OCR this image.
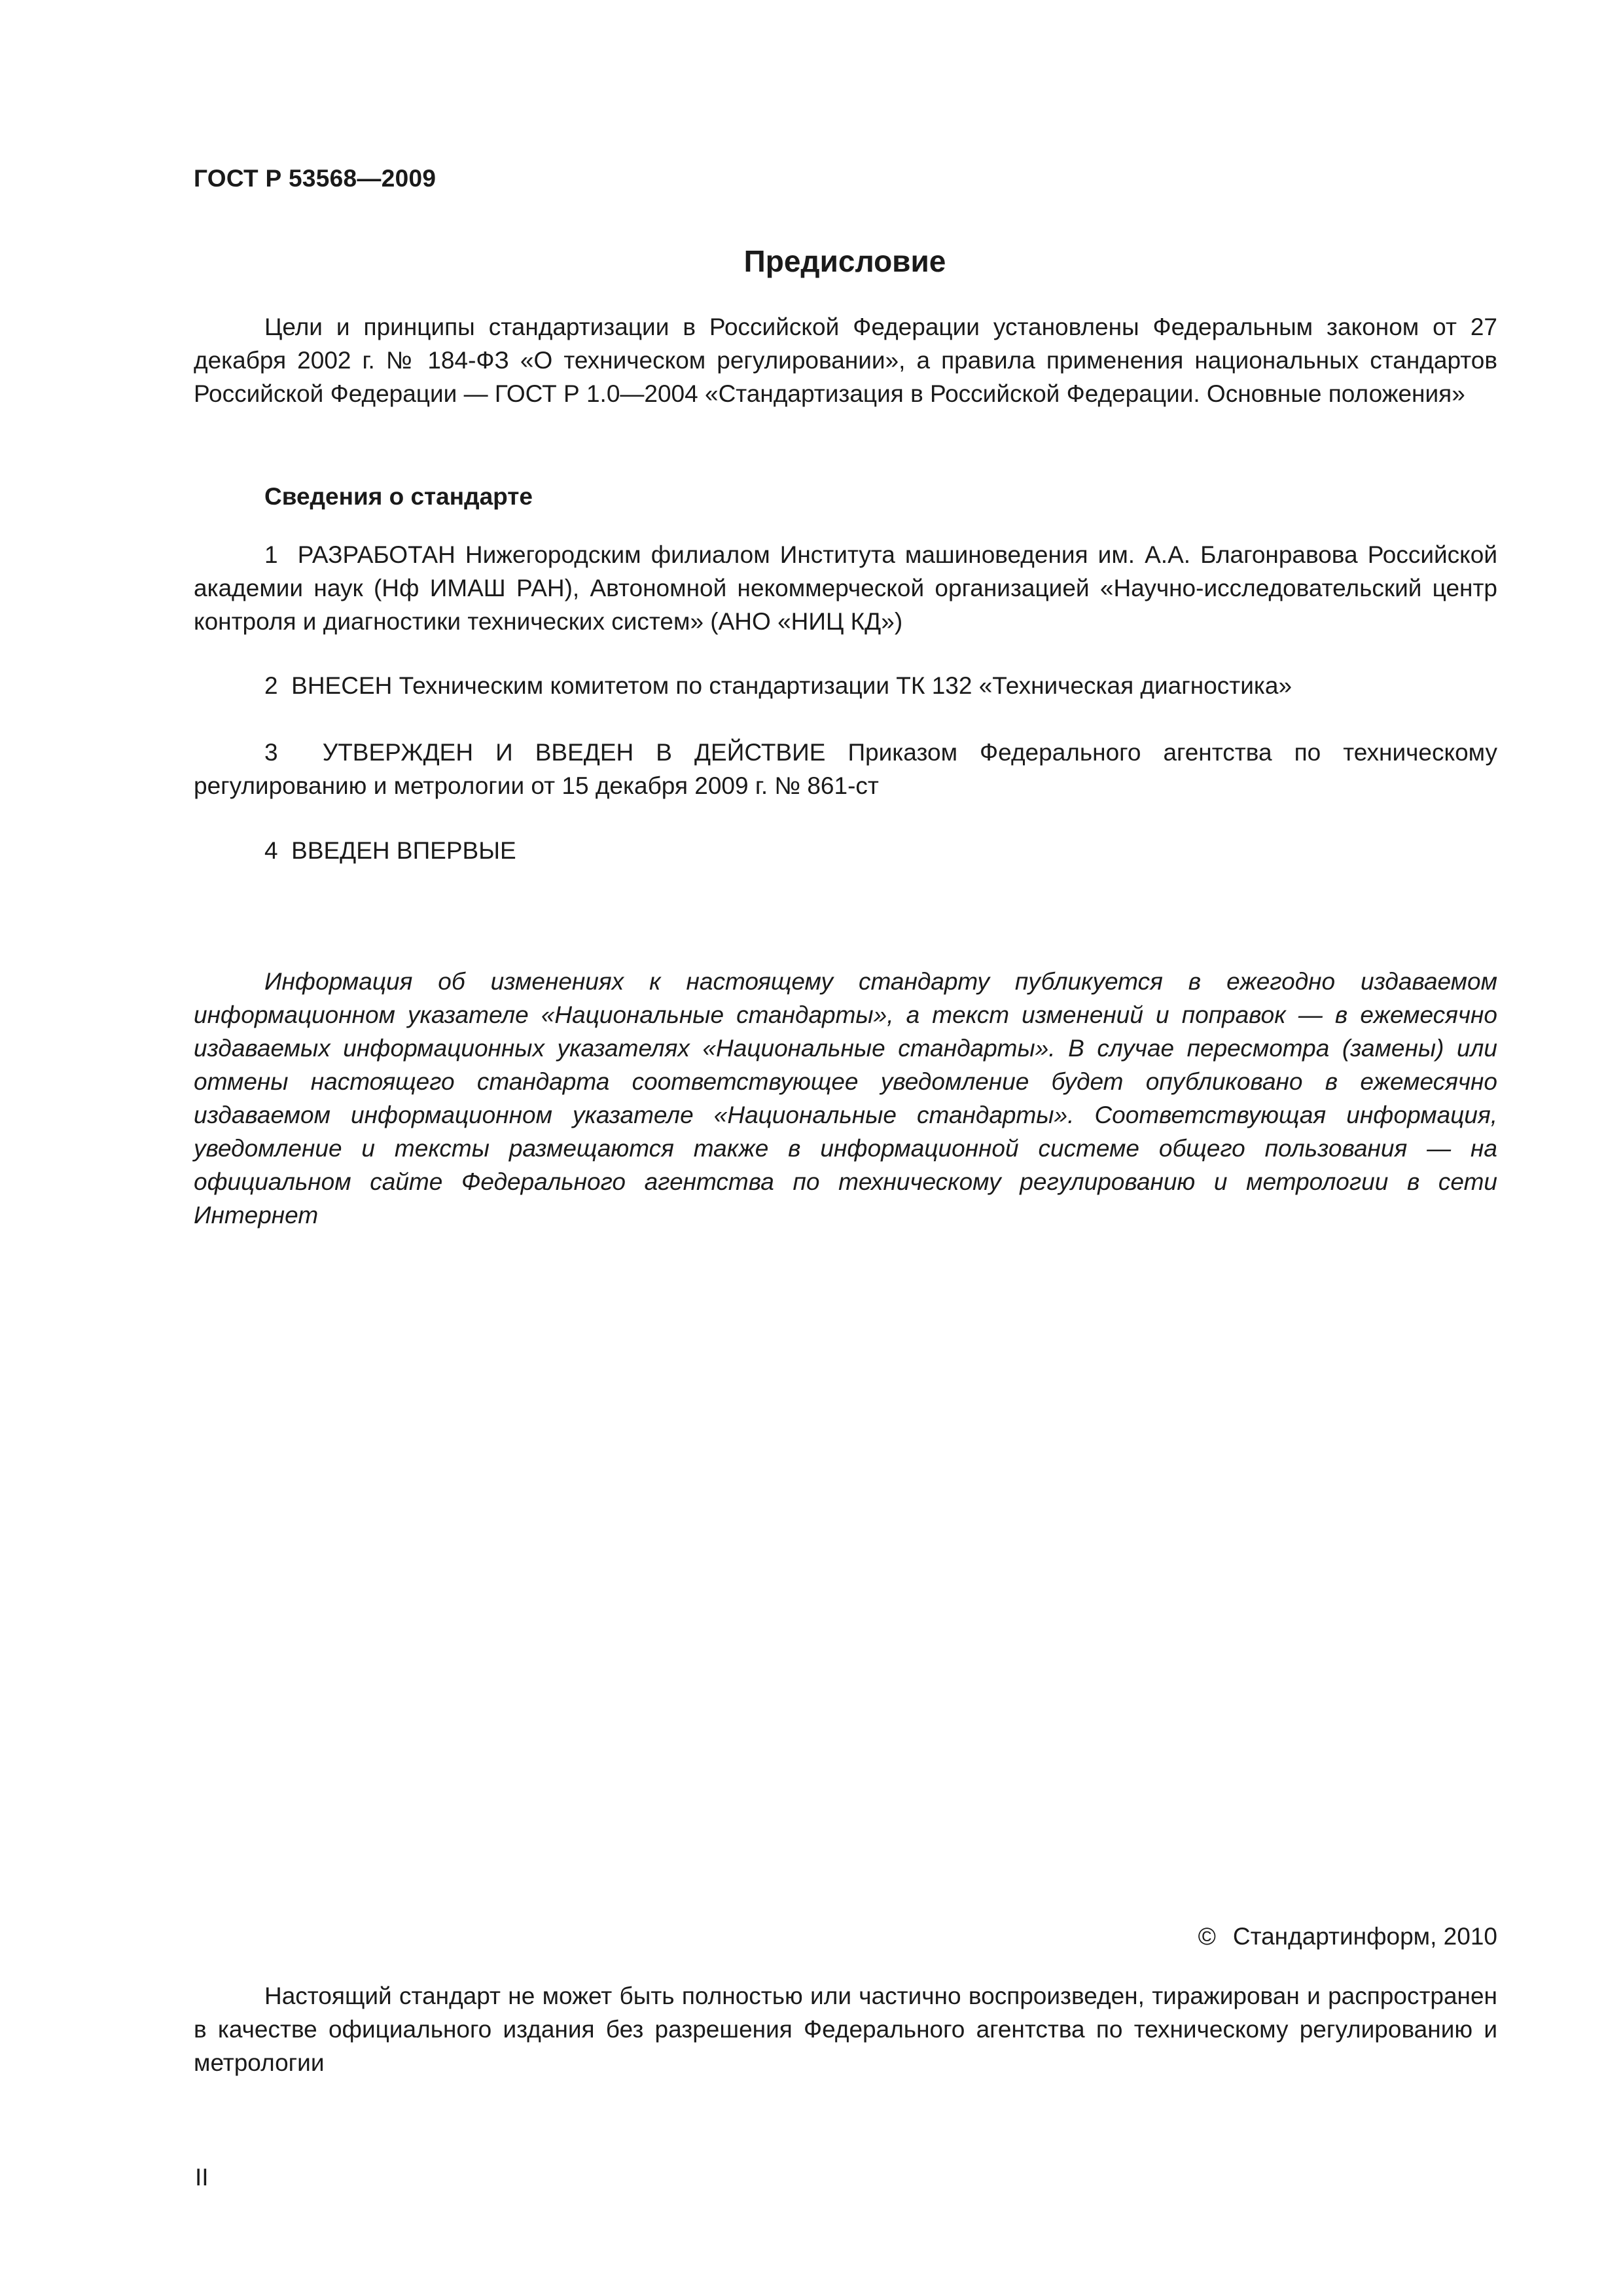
ГОСТ Р 53568—2009
Предисловие
Цели и принципы стандартизации в Российской Федерации установлены Федеральным законом от 27 декабря 2002 г. № 184-ФЗ «О техническом регулировании», а правила применения национальных стандартов Российской Федерации — ГОСТ Р 1.0—2004 «Стандартизация в Российской Федерации. Основные положения»
Сведения о стандарте
1 РАЗРАБОТАН Нижегородским филиалом Института машиноведения им. А.А. Благонравова Российской академии наук (Нф ИМАШ РАН), Автономной некоммерческой организацией «Научно-исследовательский центр контроля и диагностики технических систем» (АНО «НИЦ КД»)
2 ВНЕСЕН Техническим комитетом по стандартизации ТК 132 «Техническая диагностика»
3 УТВЕРЖДЕН И ВВЕДЕН В ДЕЙСТВИЕ Приказом Федерального агентства по техническому регулированию и метрологии от 15 декабря 2009 г. № 861-ст
4 ВВЕДЕН ВПЕРВЫЕ
Информация об изменениях к настоящему стандарту публикуется в ежегодно издаваемом информационном указателе «Национальные стандарты», а текст изменений и поправок — в ежемесячно издаваемых информационных указателях «Национальные стандарты». В случае пересмотра (замены) или отмены настоящего стандарта соответствующее уведомление будет опубликовано в ежемесячно издаваемом информационном указателе «Национальные стандарты». Соответствующая информация, уведомление и тексты размещаются также в информационной системе общего пользования — на официальном сайте Федерального агентства по техническому регулированию и метрологии в сети Интернет
© Стандартинформ, 2010
Настоящий стандарт не может быть полностью или частично воспроизведен, тиражирован и распространен в качестве официального издания без разрешения Федерального агентства по техническому регулированию и метрологии
II
